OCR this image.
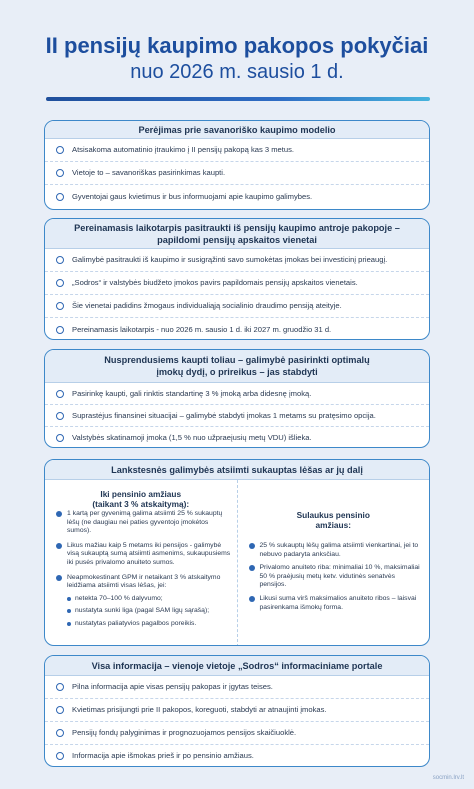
II pensijų kaupimo pakopos pokyčiai
nuo 2026 m. sausio 1 d.
Perėjimas prie savanoriško kaupimo modelio
Atsisakoma automatinio įtraukimo į II pensijų pakopą kas 3 metus.
Vietoje to – savanoriškas pasirinkimas kaupti.
Gyventojai gaus kvietimus ir bus informuojami apie kaupimo galimybes.
Pereinamasis laikotarpis pasitraukti iš pensijų kaupimo antroje pakopoje – papildomi pensijų apskaitos vienetai
Galimybė pasitraukti iš kaupimo ir susigrąžinti savo sumokėtas įmokas bei investicinį prieaugį.
„Sodros“ ir valstybės biudžeto įmokos pavirs papildomais pensijų apskaitos vienetais.
Šie vienetai padidins žmogaus individualiąją socialinio draudimo pensiją ateityje.
Pereinamasis laikotarpis - nuo 2026 m. sausio 1 d. iki 2027 m. gruodžio 31 d.
Nusprendusiems kaupti toliau – galimybė pasirinkti optimalų įmokų dydį, o prireikus – jas stabdyti
Pasirinkę kaupti, gali rinktis standartinę 3 % įmoką arba didesnę įmoką.
Suprastėjus finansinei situacijai – galimybė stabdyti įmokas 1 metams su pratęsimo opcija.
Valstybės skatinamoji įmoka (1,5 % nuo užpraeįusių metų VDU) išlieka.
Lankstesnės galimybės atsiimti sukauptas lėšas ar jų dalį
Iki pensinio amžiaus
(taikant 3 % atskaitymą):
1 kartą per gyvenimą galima atsiimti 25 % sukauptų lėšų (ne daugiau nei paties gyventojo įmokėtos sumos).
Likus mažiau kaip 5 metams iki pensijos - galimybė visą sukauptą sumą atsiimti asmenims, sukaupusiems iki pusės privalomo anuiteto sumos.
Neapmokestinant GPM ir netaikant 3 % atskaitymo leidžiama atsiimti visas lėšas, jei:
netekta 70–100 % dalyvumo;
nustatyta sunki liga (pagal SAM ligų sąrašą);
nustatytas paliatyvios pagalbos poreikis.
Sulaukus pensinio
amžiaus:
25 % sukauptų lėšų galima atsiimti vienkartinai, jei to nebuvo padaryta anksčiau.
Privalomo anuiteto riba: minimaliai 10 %, maksimaliai 50 % praėjusių metų ketv. vidutinės senatvės pensijos.
Likusi suma virš maksimalios anuiteto ribos – laisvai pasirenkama išmokų forma.
Visa informacija – vienoje vietoje „Sodros“ informaciniame portale
Pilna informacija apie visas pensijų pakopas ir įgytas teises.
Kvietimas prisijungti prie II pakopos, koreguoti, stabdyti ar atnaujinti įmokas.
Pensijų fondų palyginimas ir prognozuojamos pensijos skaičiuoklė.
Informacija apie išmokas prieš ir po pensinio amžiaus.
socmin.lrv.lt
